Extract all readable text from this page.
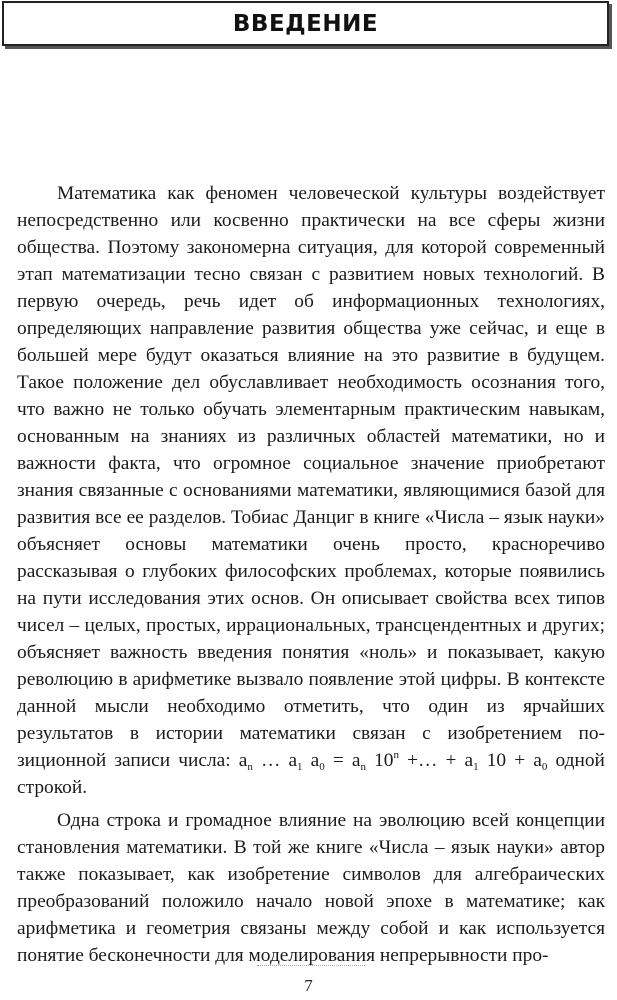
ВВЕДЕНИЕ

Математика как феномен человеческой культуры воздействует непосредственно или косвенно практически на все сферы жизни общества. Поэтому закономерна ситуация, для которой современный этап математизации тесно связан с развитием новых технологий. В первую очередь, речь идет об информационных технологиях, определяющих направление развития общества уже сейчас, и еще в большей мере будут оказаться влияние на это развитие в будущем. Такое положение дел обуславливает необходимость осознания того, что важно не только обучать элементарным практическим навыкам, основанным на знаниях из различных областей математики, но и важности факта, что огромное социальное значение приобретают знания связанные с основаниями математики, являющимися базой для развития все ее разделов. Тобиас Данциг в книге «Числа – язык науки» объясняет основы математики очень просто, красноречиво рассказывая о глубоких философских проблемах, которые появились на пути исследования этих основ. Он описывает свойства всех типов чисел – целых, простых, иррациональных, трансцендентных и других; объясняет важность введения понятия «ноль» и показывает, какую революцию в арифметике вызвало появление этой цифры. В контексте данной мысли необходимо отметить, что один из ярчайших результатов в истории математики связан с изобретением позиционной записи числа: $a_n$ … $a_1$ $a_0 = a_n$ $10^n$ +… + $a_1$ $10 + a_0$ одной строкой.

Одна строка и громадное влияние на эволюцию всей концепции становления математики. В той же книге «Числа – язык науки» автор также показывает, как изобретение символов для алгебраических преобразований положило начало новой эпохе в математике; как арифметика и геометрия связаны между собой и как используется понятие бесконечности для моделирования непрерывности про-

7
